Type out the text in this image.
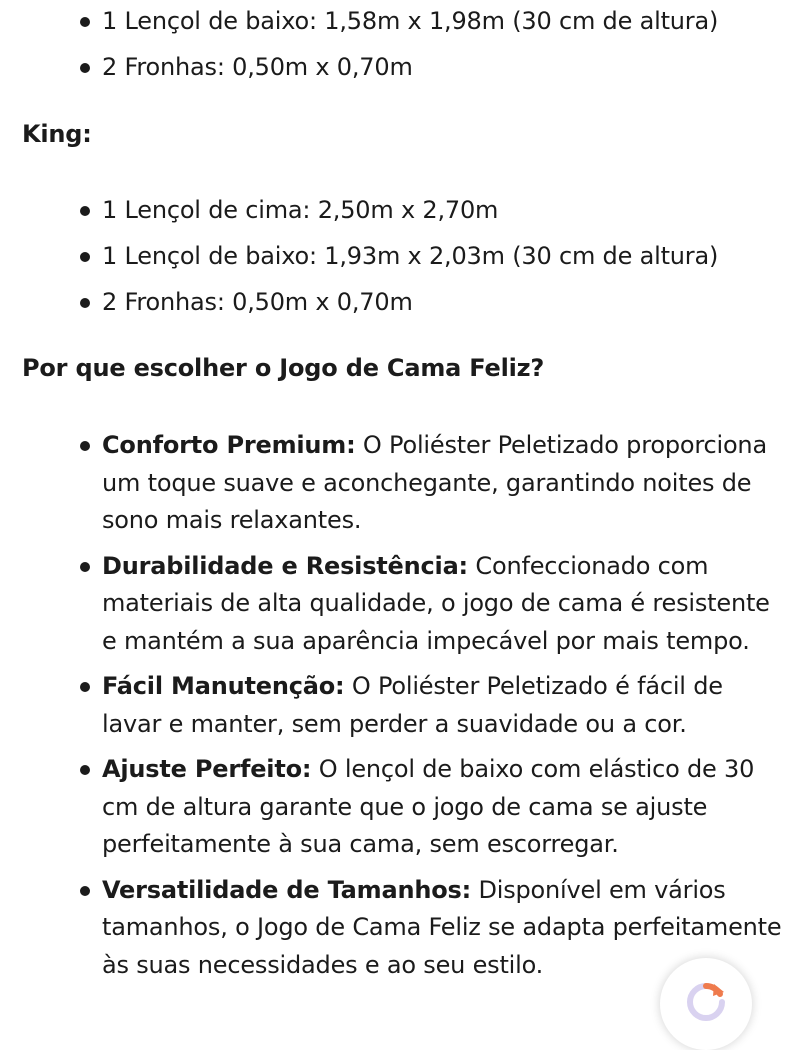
1 Lençol de baixo: 1,58m x 1,98m (30 cm de altura)
2 Fronhas: 0,50m x 0,70m
King:
1 Lençol de cima: 2,50m x 2,70m
1 Lençol de baixo: 1,93m x 2,03m (30 cm de altura)
2 Fronhas: 0,50m x 0,70m
Por que escolher o Jogo de Cama Feliz?
Conforto Premium: O Poliéster Peletizado proporciona um toque suave e aconchegante, garantindo noites de sono mais relaxantes.
Durabilidade e Resistência: Confeccionado com materiais de alta qualidade, o jogo de cama é resistente e mantém a sua aparência impecável por mais tempo.
Fácil Manutenção: O Poliéster Peletizado é fácil de lavar e manter, sem perder a suavidade ou a cor.
Ajuste Perfeito: O lençol de baixo com elástico de 30 cm de altura garante que o jogo de cama se ajuste perfeitamente à sua cama, sem escorregar.
Versatilidade de Tamanhos: Disponível em vários tamanhos, o Jogo de Cama Feliz se adapta perfeitamente às suas necessidades e ao seu estilo.
